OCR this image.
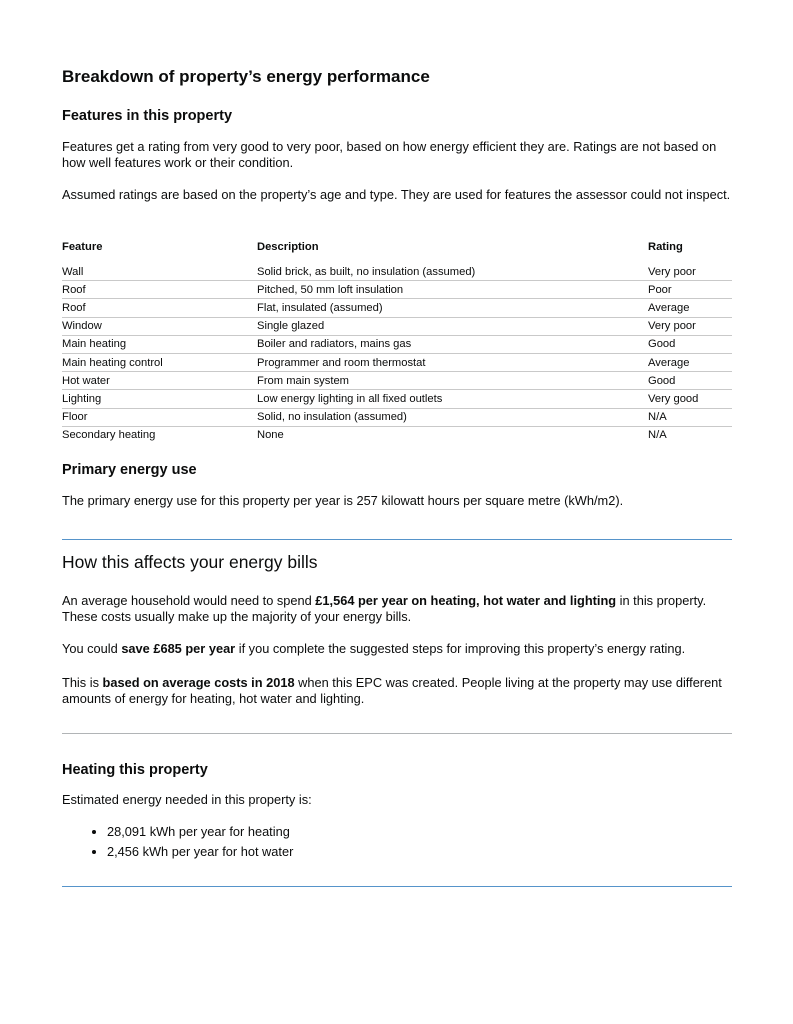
Breakdown of property’s energy performance

Features in this property

Features get a rating from very good to very poor, based on how energy efficient they are. Ratings are not based on how well features work or their condition.

Assumed ratings are based on the property’s age and type. They are used for features the assessor could not inspect.

Feature	Description	Rating
Wall	Solid brick, as built, no insulation (assumed)	Very poor
Roof	Pitched, 50 mm loft insulation	Poor
Roof	Flat, insulated (assumed)	Average
Window	Single glazed	Very poor
Main heating	Boiler and radiators, mains gas	Good
Main heating control	Programmer and room thermostat	Average
Hot water	From main system	Good
Lighting	Low energy lighting in all fixed outlets	Very good
Floor	Solid, no insulation (assumed)	N/A
Secondary heating	None	N/A

Primary energy use

The primary energy use for this property per year is 257 kilowatt hours per square metre (kWh/m2).

How this affects your energy bills

An average household would need to spend £1,564 per year on heating, hot water and lighting in this property. These costs usually make up the majority of your energy bills.

You could save £685 per year if you complete the suggested steps for improving this property’s energy rating.

This is based on average costs in 2018 when this EPC was created. People living at the property may use different amounts of energy for heating, hot water and lighting.

Heating this property

Estimated energy needed in this property is:

• 28,091 kWh per year for heating
• 2,456 kWh per year for hot water
